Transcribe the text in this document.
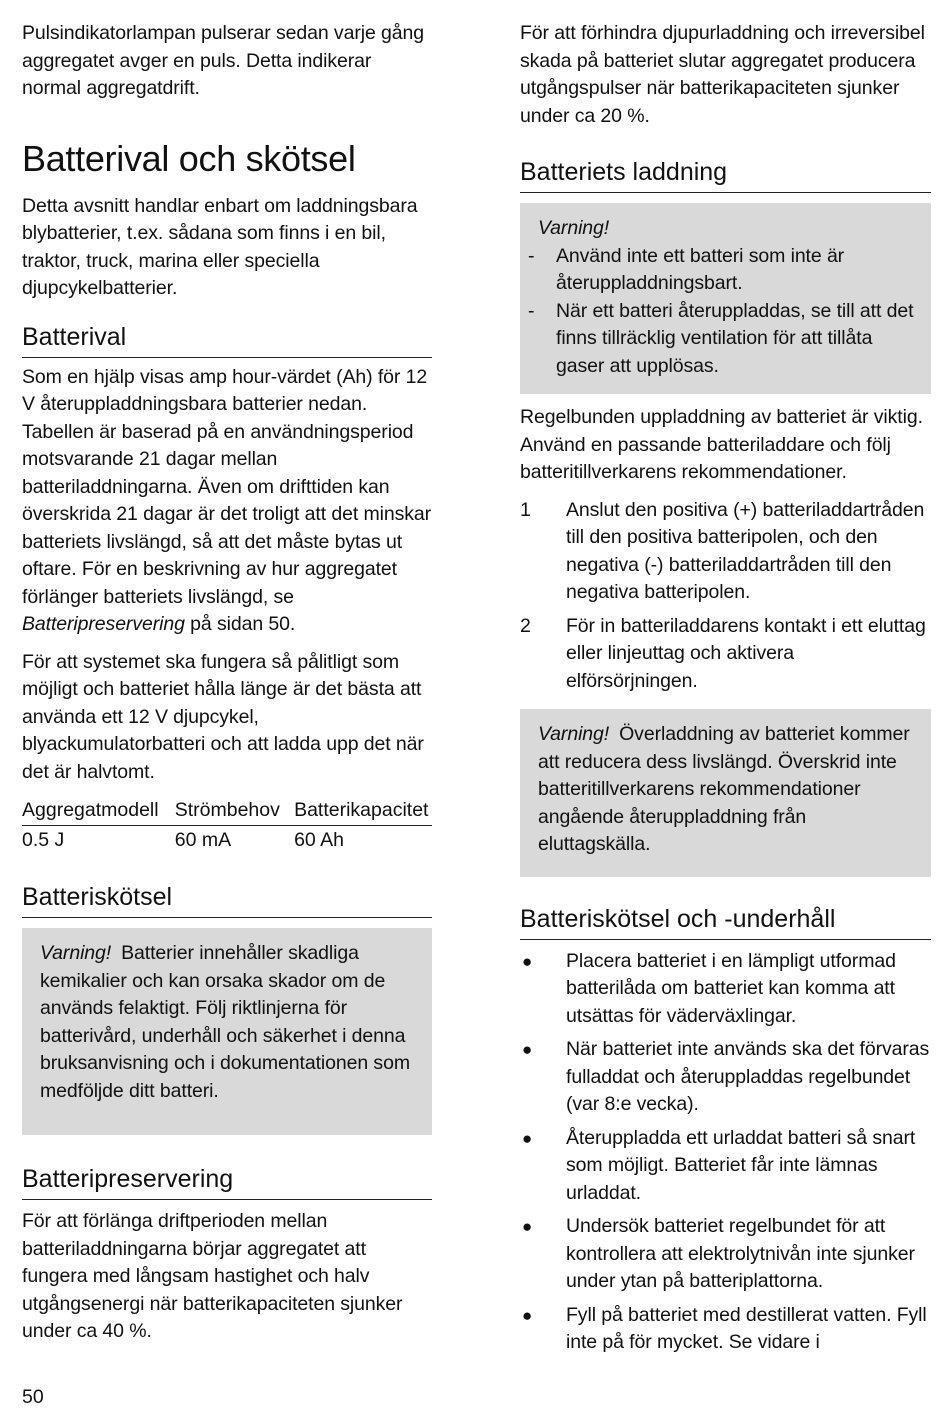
Pulsindikatorlampan pulserar sedan varje gång aggregatet avger en puls. Detta indikerar normal aggregatdrift.

Batterival och skötsel

Detta avsnitt handlar enbart om laddningsbara blybatterier, t.ex. sådana som finns i en bil, traktor, truck, marina eller speciella djupcykelbatterier.

Batterival

Som en hjälp visas amp hour-värdet (Ah) för 12 V återuppladdningsbara batterier nedan. Tabellen är baserad på en användningsperiod motsvarande 21 dagar mellan batteriladdningarna. Även om drifttiden kan överskrida 21 dagar är det troligt att det minskar batteriets livslängd, så att det måste bytas ut oftare. För en beskrivning av hur aggregatet förlänger batteriets livslängd, se Batteripreservering på sidan 50.

För att systemet ska fungera så pålitligt som möjligt och batteriet hålla länge är det bästa att använda ett 12 V djupcykel, blyackumulatorbatteri och att ladda upp det när det är halvtomt.

Aggregatmodell	Strömbehov	Batterikapacitet
0.5 J	60 mA	60 Ah
Batteriskötsel

Varning! Batterier innehåller skadliga kemikalier och kan orsaka skador om de används felaktigt. Följ riktlinjerna för batterivård, underhåll och säkerhet i denna bruksanvisning och i dokumentationen som medföljde ditt batteri.

Batteripreservering

För att förlänga driftperioden mellan batteriladdningarna börjar aggregatet att fungera med långsam hastighet och halv utgångsenergi när batterikapaciteten sjunker under ca 40 %.

För att förhindra djupurladdning och irreversibel skada på batteriet slutar aggregatet producera utgångspulser när batterikapaciteten sjunker under ca 20 %.

Batteriets laddning

Varning!

-	Använd inte ett batteri som inte är återuppladdningsbart.

-	När ett batteri återuppladdas, se till att det finns tillräcklig ventilation för att tillåta gaser att upplösas.

Regelbunden uppladdning av batteriet är viktig. Använd en passande batteriladdare och följ batteritillverkarens rekommendationer.

1	Anslut den positiva (+) batteriladdartråden till den positiva batteripolen, och den negativa (-) batteriladdartråden till den negativa batteripolen.

2	För in batteriladdarens kontakt i ett eluttag eller linjeuttag och aktivera elförsörjningen.

Varning! Överladdning av batteriet kommer att reducera dess livslängd. Överskrid inte batteritillverkarens rekommendationer angående återuppladdning från eluttagskälla.

Batteriskötsel och -underhåll
●	Placera batteriet i en lämpligt utformad batterilåda om batteriet kan komma att utsättas för väderväxlingar.

●	När batteriet inte används ska det förvaras fulladdat och återuppladdas regelbundet (var 8:e vecka).

●	Återuppladda ett urladdat batteri så snart som möjligt. Batteriet får inte lämnas urladdat.

●	Undersök batteriet regelbundet för att kontrollera att elektrolytnivån inte sjunker under ytan på batteriplattorna.

●	Fyll på batteriet med destillerat vatten. Fyll inte på för mycket. Se vidare i

50
